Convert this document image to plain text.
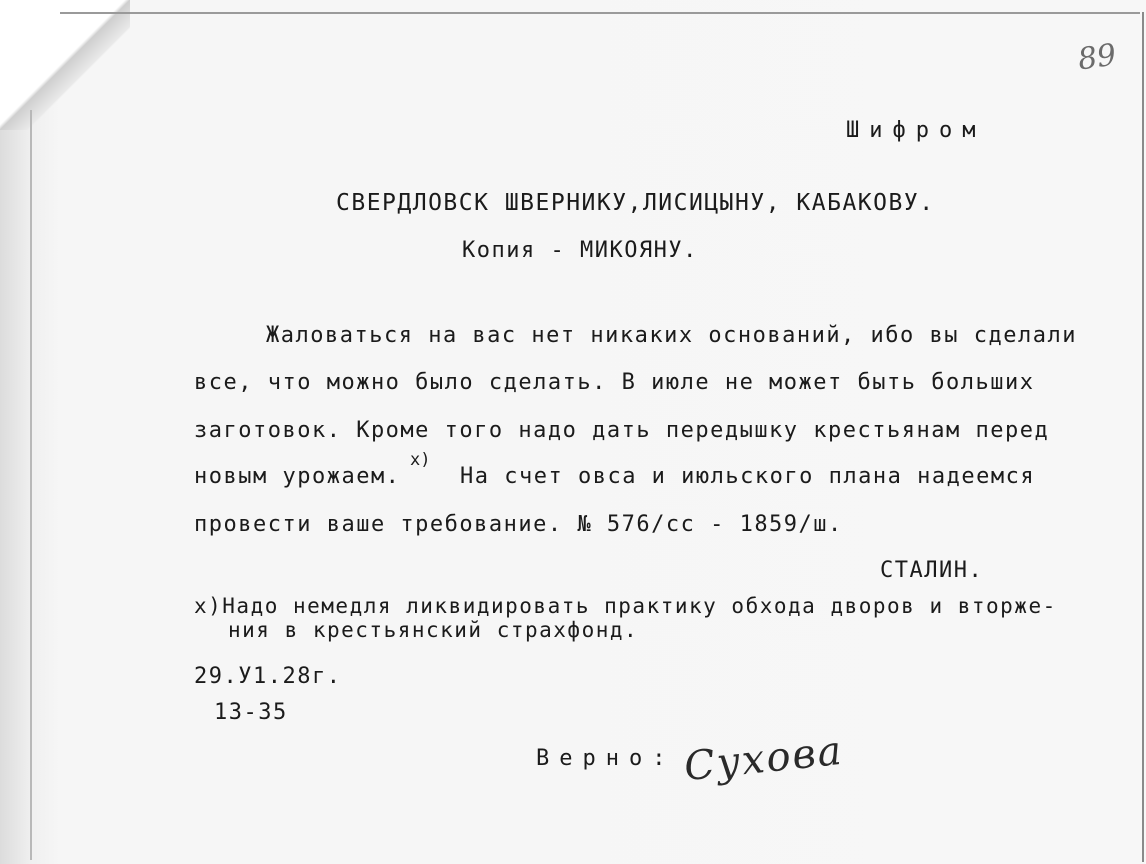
89
Шифром
СВЕРДЛОВСК ШВЕРНИКУ,ЛИСИЦЫНУ, КАБАКОВУ.
Копия - МИКОЯНУ.
Жаловаться на вас нет никаких оснований, ибо вы сделали
все, что можно было сделать. В июле не может быть больших
заготовок. Кроме того надо дать передышку крестьянам перед
новым урожаем.
х)
На счет овса и июльского плана надеемся
провести ваше требование. № 576/сс - 1859/ш.
СТАЛИН.
х)Надо немедля ликвидировать практику обхода дворов и вторже-
ния в крестьянский страхфонд.
29.У1.28г.
13-35
Верно: Сухова
